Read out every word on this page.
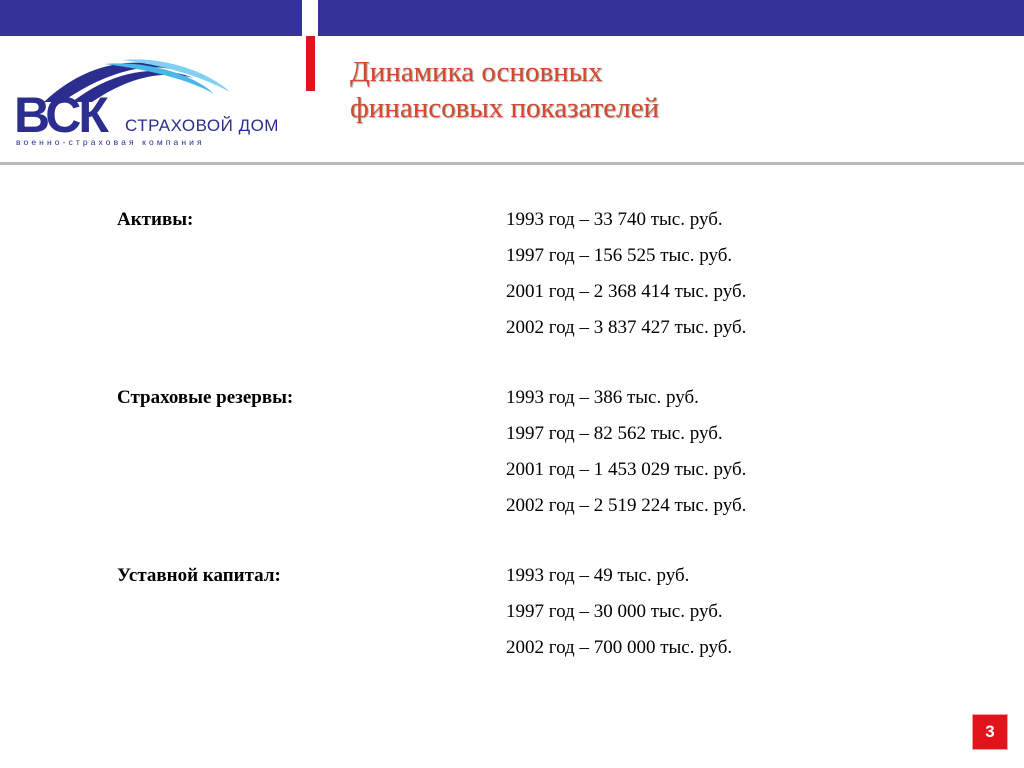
ВСК СТРАХОВОЙ ДОМ
военно-страховая компания
Динамика основных
финансовых показателей
Активы:	1993 год – 33 740 тыс. руб.
1997 год – 156 525 тыс. руб.
2001 год – 2 368 414 тыс. руб.
2002 год – 3 837 427 тыс. руб.
Страховые резервы:	1993 год – 386 тыс. руб.
1997 год – 82 562 тыс. руб.
2001 год – 1 453 029 тыс. руб.
2002 год – 2 519 224 тыс. руб.
Уставной капитал:	1993 год – 49 тыс. руб.
1997 год – 30 000 тыс. руб.
2002 год – 700 000 тыс. руб.
3
